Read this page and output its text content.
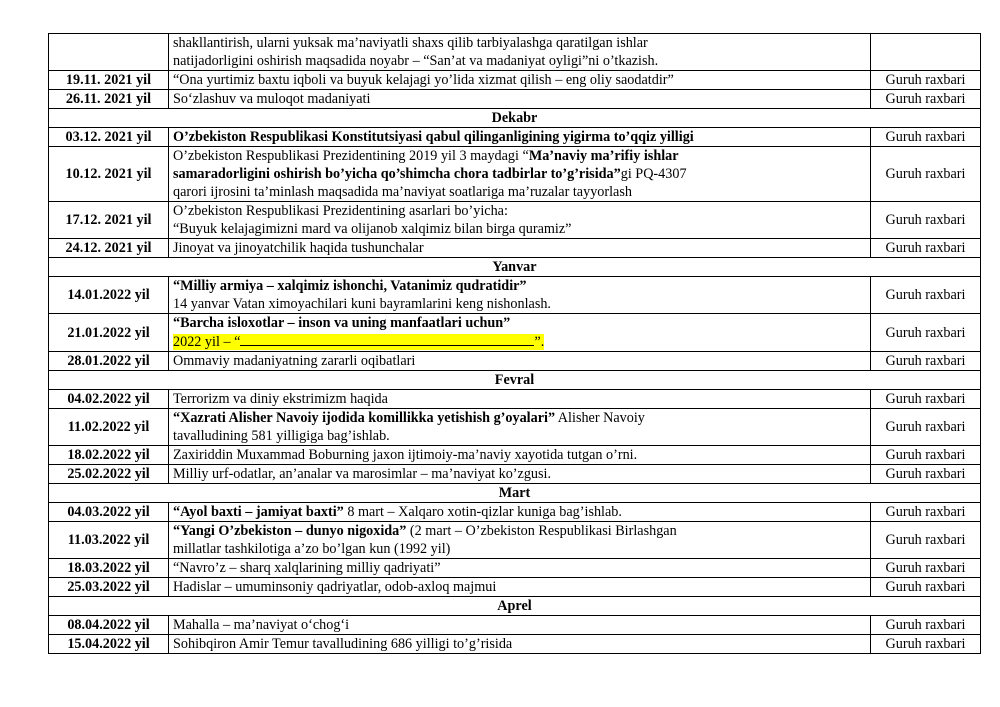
	shakllantirish, ularni yuksak ma’naviyatli shaxs qilib tarbiyalashga qaratilgan ishlar
natijadorligini oshirish maqsadida noyabr – “San’at va madaniyat oyligi”ni o’tkazish.	
19.11. 2021 yil	“Ona yurtimiz baxtu iqboli va buyuk kelajagi yo’lida xizmat qilish – eng oliy saodatdir”	Guruh raxbari
26.11. 2021 yil	So‘zlashuv va muloqot madaniyati	Guruh raxbari
Dekabr		
03.12. 2021 yil	O’zbekiston Respublikasi Konstitutsiyasi qabul qilinganligining yigirma to’qqiz yilligi	Guruh raxbari
10.12. 2021 yil	O’zbekiston Respublikasi Prezidentining 2019 yil 3 maydagi “Ma’naviy ma’rifiy ishlar
samaradorligini oshirish bo’yicha qo’shimcha chora tadbirlar to’g’risida”gi PQ-4307
qarori ijrosini ta’minlash maqsadida ma’naviyat soatlariga ma’ruzalar tayyorlash	Guruh raxbari
17.12. 2021 yil	O’zbekiston Respublikasi Prezidentining asarlari bo’yicha:
“Buyuk kelajagimizni mard va olijanob xalqimiz bilan birga quramiz”	Guruh raxbari
24.12. 2021 yil	Jinoyat va jinoyatchilik haqida tushunchalar	Guruh raxbari
Yanvar		
14.01.2022 yil	“Milliy armiya – xalqimiz ishonchi, Vatanimiz qudratidir”
14 yanvar Vatan ximoyachilari kuni bayramlarini keng nishonlash.	Guruh raxbari
21.01.2022 yil	“Barcha isloxotlar – inson va uning manfaatlari uchun”
2022 yil – “ ”.	Guruh raxbari
28.01.2022 yil	Ommaviy madaniyatning zararli oqibatlari	Guruh raxbari
Fevral		
04.02.2022 yil	Terrorizm va diniy ekstrimizm haqida	Guruh raxbari
11.02.2022 yil	“Xazrati Alisher Navoiy ijodida komillikka yetishish g’oyalari” Alisher Navoiy
tavalludining 581 yilligiga bag’ishlab.	Guruh raxbari
18.02.2022 yil	Zaxiriddin Muxammad Boburning jaxon ijtimoiy-ma’naviy xayotida tutgan o’rni.	Guruh raxbari
25.02.2022 yil	Milliy urf-odatlar, an’analar va marosimlar – ma’naviyat ko’zgusi.	Guruh raxbari
Mart		
04.03.2022 yil	“Ayol baxti – jamiyat baxti” 8 mart – Xalqaro xotin-qizlar kuniga bag’ishlab.	Guruh raxbari
11.03.2022 yil	“Yangi O’zbekiston – dunyo nigoxida” (2 mart – O’zbekiston Respublikasi Birlashgan
millatlar tashkilotiga a’zo bo’lgan kun (1992 yil)	Guruh raxbari
18.03.2022 yil	“Navro’z – sharq xalqlarining milliy qadriyati”	Guruh raxbari
25.03.2022 yil	Hadislar – umuminsoniy qadriyatlar, odob-axloq majmui	Guruh raxbari
Aprel		
08.04.2022 yil	Mahalla – ma’naviyat o‘chog‘i	Guruh raxbari
15.04.2022 yil	Sohibqiron Amir Temur tavalludining 686 yilligi to’g’risida	Guruh raxbari
